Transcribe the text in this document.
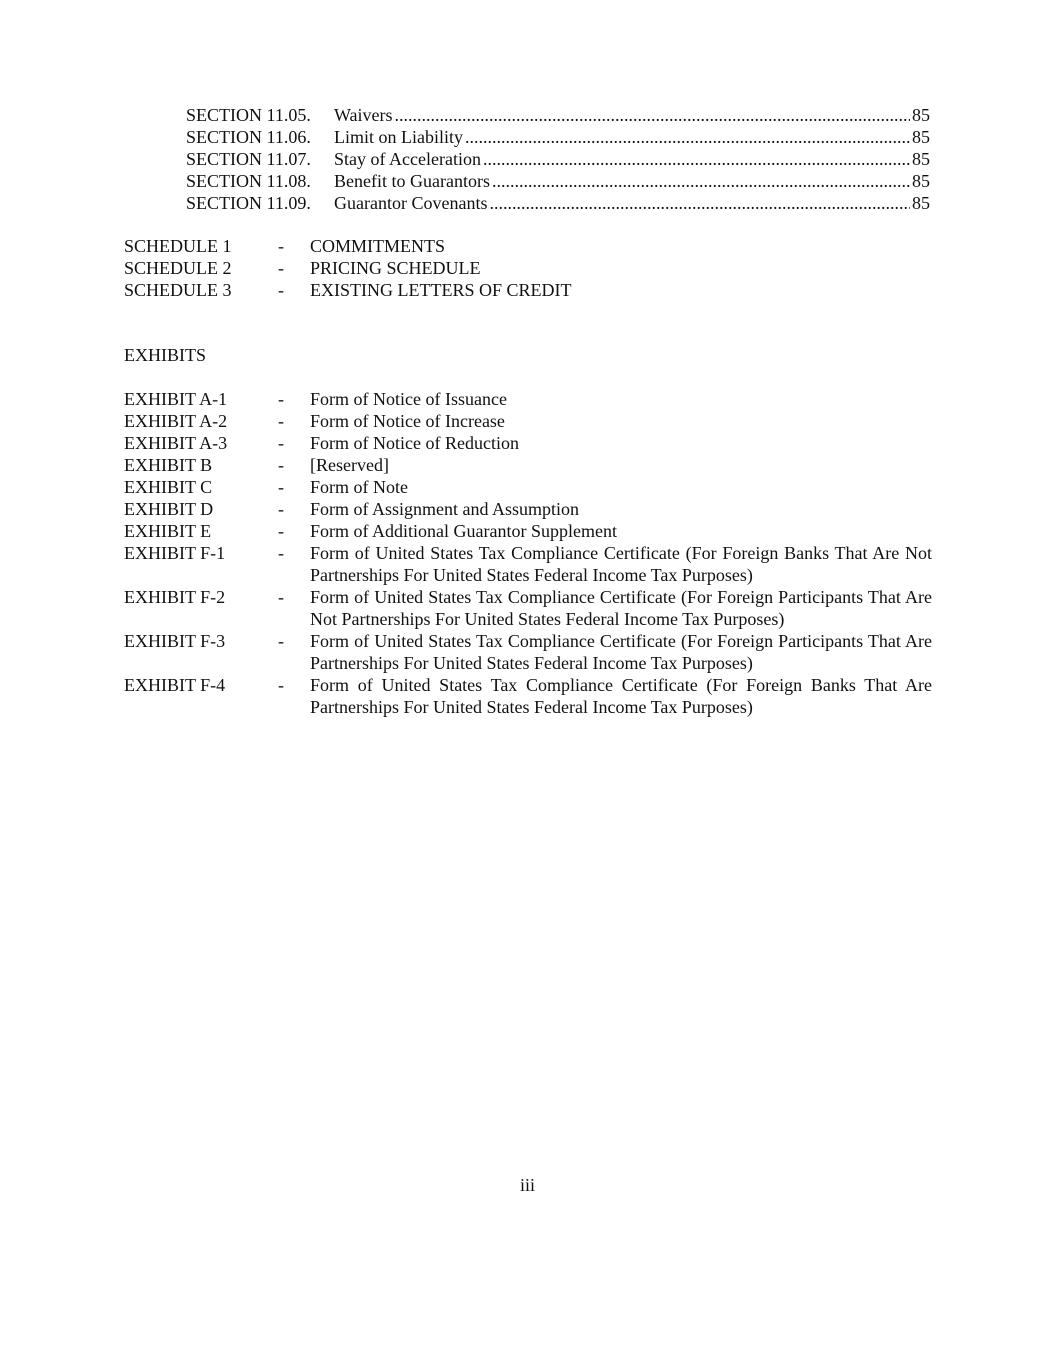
SECTION 11.05.	Waivers .....	85
SECTION 11.06.	Limit on Liability .....	85
SECTION 11.07.	Stay of Acceleration .....	85
SECTION 11.08.	Benefit to Guarantors .....	85
SECTION 11.09.	Guarantor Covenants .....	85
SCHEDULE 1	-	COMMITMENTS
SCHEDULE 2	-	PRICING SCHEDULE
SCHEDULE 3	-	EXISTING LETTERS OF CREDIT
EXHIBITS
EXHIBIT A-1	-	Form of Notice of Issuance
EXHIBIT A-2	-	Form of Notice of Increase
EXHIBIT A-3	-	Form of Notice of Reduction
EXHIBIT B	-	[Reserved]
EXHIBIT C	-	Form of Note
EXHIBIT D	-	Form of Assignment and Assumption
EXHIBIT E	-	Form of Additional Guarantor Supplement
EXHIBIT F-1	-	Form of United States Tax Compliance Certificate (For Foreign Banks That Are Not Partnerships For United States Federal Income Tax Purposes)
EXHIBIT F-2	-	Form of United States Tax Compliance Certificate (For Foreign Participants That Are Not Partnerships For United States Federal Income Tax Purposes)
EXHIBIT F-3	-	Form of United States Tax Compliance Certificate (For Foreign Participants That Are Partnerships For United States Federal Income Tax Purposes)
EXHIBIT F-4	-	Form of United States Tax Compliance Certificate (For Foreign Banks That Are Partnerships For United States Federal Income Tax Purposes)
iii
